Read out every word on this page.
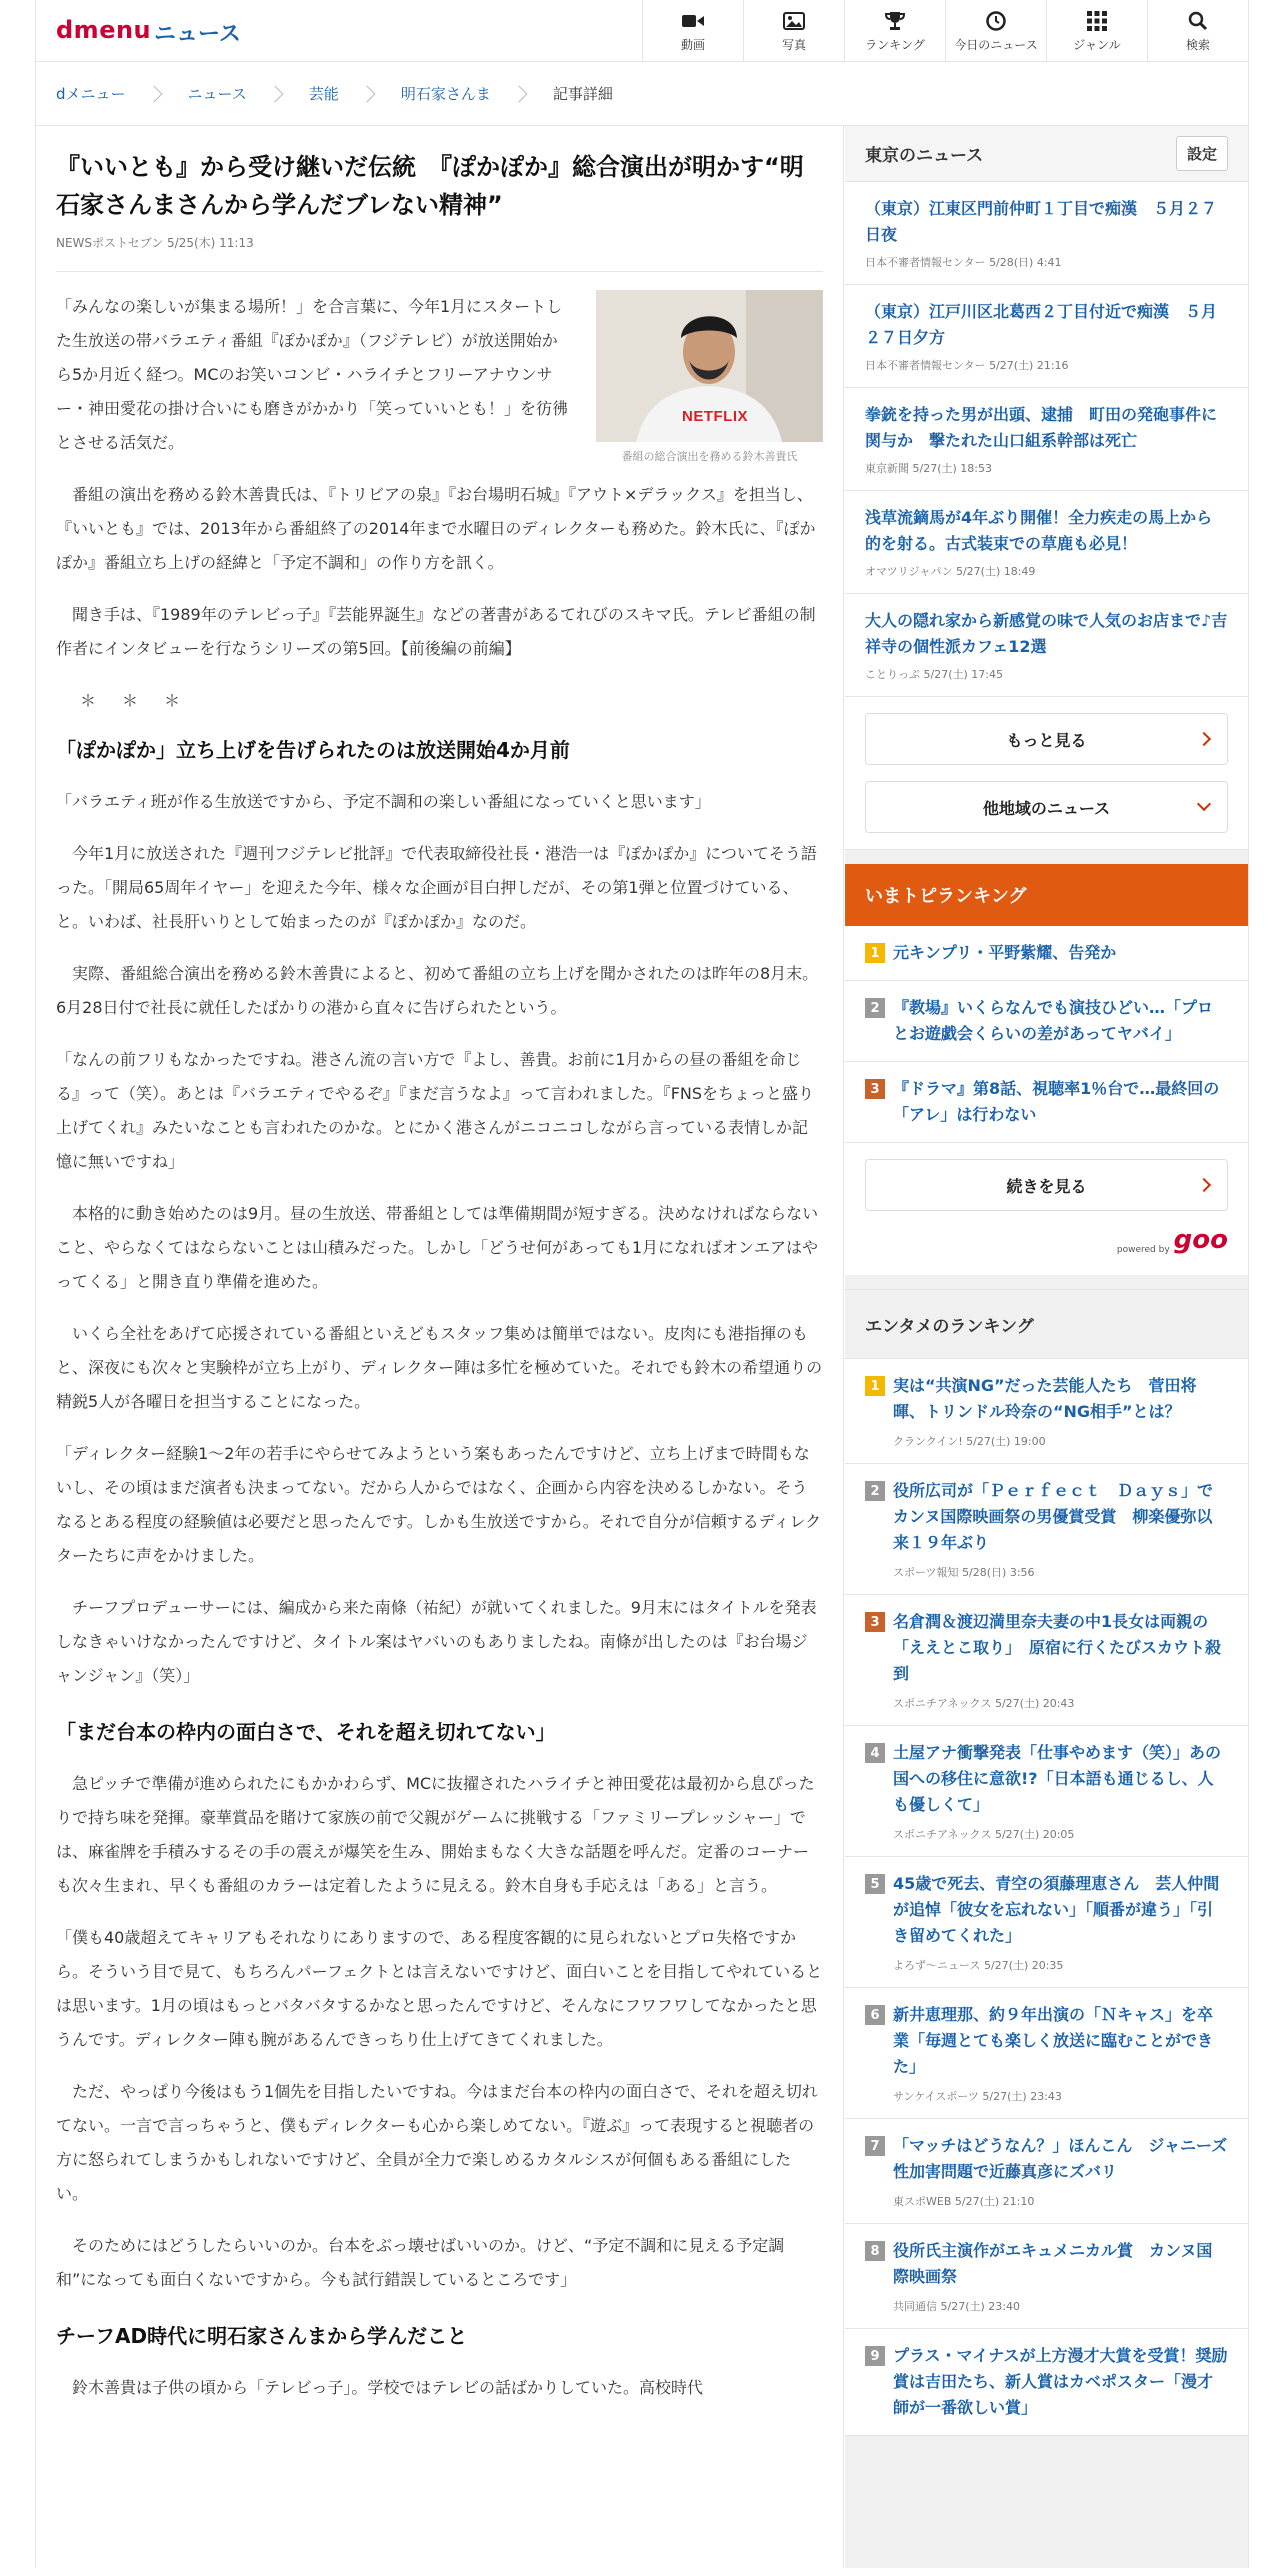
dmenu ニュース	動画	写真	ランキング 今日のニュース	ジャンル	検索
dメニュー	ニュース	芸能	明石家さんま	記事詳細
『いいとも』から受け継いだ伝統　『ぽかぽか』総合演出が明かす“明石家さんまさんから学んだブレない精神”
NEWSポストセブン 5/25(木) 11:13
NETFLIX
番組の総合演出を務める鈴木善貴氏

「みんなの楽しいが集まる場所！」を合言葉に、今年1月にスタートした生放送の帯バラエティ番組『ぽかぽか』（フジテレビ）が放送開始から5か月近く経つ。MCのお笑いコンビ・ハライチとフリーアナウンサー・神田愛花の掛け合いにも磨きがかかり「笑っていいとも！」を彷彿とさせる活気だ。

番組の演出を務める鈴木善貴氏は、『トリビアの泉』『お台場明石城』『アウト×デラックス』を担当し、『いいとも』では、2013年から番組終了の2014年まで水曜日のディレクターも務めた。鈴木氏に、『ぽかぽか』番組立ち上げの経緯と「予定不調和」の作り方を訊く。

聞き手は、『1989年のテレビっ子』『芸能界誕生』などの著書があるてれびのスキマ氏。テレビ番組の制作者にインタビューを行なうシリーズの第5回。【前後編の前編】

＊＊＊
「ぽかぽか」立ち上げを告げられたのは放送開始4か月前

「バラエティ班が作る生放送ですから、予定不調和の楽しい番組になっていくと思います」

今年1月に放送された『週刊フジテレビ批評』で代表取締役社長・港浩一は『ぽかぽか』についてそう語った。「開局65周年イヤー」を迎えた今年、様々な企画が目白押しだが、その第1弾と位置づけている、と。いわば、社長肝いりとして始まったのが『ぽかぽか』なのだ。

実際、番組総合演出を務める鈴木善貴によると、初めて番組の立ち上げを聞かされたのは昨年の8月末。6月28日付で社長に就任したばかりの港から直々に告げられたという。

「なんの前フリもなかったですね。港さん流の言い方で『よし、善貴。お前に1月からの昼の番組を命じる』って（笑）。あとは『バラエティでやるぞ』『まだ言うなよ』って言われました。『FNSをちょっと盛り上げてくれ』みたいなことも言われたのかな。とにかく港さんがニコニコしながら言っている表情しか記憶に無いですね」

本格的に動き始めたのは9月。昼の生放送、帯番組としては準備期間が短すぎる。決めなければならないこと、やらなくてはならないことは山積みだった。しかし「どうせ何があっても1月になればオンエアはやってくる」と開き直り準備を進めた。

いくら全社をあげて応援されている番組といえどもスタッフ集めは簡単ではない。皮肉にも港指揮のもと、深夜にも次々と実験枠が立ち上がり、ディレクター陣は多忙を極めていた。それでも鈴木の希望通りの精鋭5人が各曜日を担当することになった。

「ディレクター経験1〜2年の若手にやらせてみようという案もあったんですけど、立ち上げまで時間もないし、その頃はまだ演者も決まってない。だから人からではなく、企画から内容を決めるしかない。そうなるとある程度の経験値は必要だと思ったんです。しかも生放送ですから。それで自分が信頼するディレクターたちに声をかけました。

チーフプロデューサーには、編成から来た南條（祐紀）が就いてくれました。9月末にはタイトルを発表しなきゃいけなかったんですけど、タイトル案はヤバいのもありましたね。南條が出したのは『お台場ジャンジャン』（笑）」

「まだ台本の枠内の面白さで、それを超え切れてない」

急ピッチで準備が進められたにもかかわらず、MCに抜擢されたハライチと神田愛花は最初から息ぴったりで持ち味を発揮。豪華賞品を賭けて家族の前で父親がゲームに挑戦する「ファミリープレッシャー」では、麻雀牌を手積みするその手の震えが爆笑を生み、開始まもなく大きな話題を呼んだ。定番のコーナーも次々生まれ、早くも番組のカラーは定着したように見える。鈴木自身も手応えは「ある」と言う。

「僕も40歳超えてキャリアもそれなりにありますので、ある程度客観的に見られないとプロ失格ですから。そういう目で見て、もちろんパーフェクトとは言えないですけど、面白いことを目指してやれているとは思います。1月の頃はもっとバタバタするかなと思ったんですけど、そんなにフワフワしてなかったと思うんです。ディレクター陣も腕があるんできっちり仕上げてきてくれました。

ただ、やっぱり今後はもう1個先を目指したいですね。今はまだ台本の枠内の面白さで、それを超え切れてない。一言で言っちゃうと、僕もディレクターも心から楽しめてない。『遊ぶ』って表現すると視聴者の方に怒られてしまうかもしれないですけど、全員が全力で楽しめるカタルシスが何個もある番組にしたい。

そのためにはどうしたらいいのか。台本をぶっ壊せばいいのか。けど、“予定不調和に見える予定調和”になっても面白くないですから。今も試行錯誤しているところです」

チーフAD時代に明石家さんまから学んだこと

鈴木善貴は子供の頃から「テレビっ子」。学校ではテレビの話ばかりしていた。高校時代

東京のニュース	設定
（東京）江東区門前仲町１丁目で痴漢　５月２７日夜
日本不審者情報センター 5/28(日) 4:41
（東京）江戸川区北葛西２丁目付近で痴漢　５月２７日夕方
日本不審者情報センター 5/27(土) 21:16
拳銃を持った男が出頭、逮捕　町田の発砲事件に関与か　撃たれた山口組系幹部は死亡
東京新聞 5/27(土) 18:53
浅草流鏑馬が4年ぶり開催！全力疾走の馬上から的を射る。古式装束での草鹿も必見！
オマツリジャパン 5/27(土) 18:49
大人の隠れ家から新感覚の味で人気のお店まで♪吉祥寺の個性派カフェ12選
ことりっぷ 5/27(土) 17:45
もっと見る
他地域のニュース
いまトピランキング
1 元キンプリ・平野紫耀、告発か
2 『教場』いくらなんでも演技ひどい…「プロとお遊戯会くらいの差があってヤバイ」
3 『ドラマ』第8話、視聴率1％台で…最終回の「アレ」は行わない
続きを見る
powered by goo
エンタメのランキング
1 実は“共演NG”だった芸能人たち　菅田将暉、トリンドル玲奈の“NG相手”とは？
クランクイン! 5/27(土) 19:00
2 役所広司が「Ｐｅｒｆｅｃｔ　Ｄａｙｓ」でカンヌ国際映画祭の男優賞受賞　柳楽優弥以来１９年ぶり
スポーツ報知 5/28(日) 3:56
3 名倉潤＆渡辺満里奈夫妻の中1長女は両親の「ええとこ取り」　原宿に行くたびスカウト殺到
スポニチアネックス 5/27(土) 20:43
4 土屋アナ衝撃発表「仕事やめます（笑）」あの国への移住に意欲!?「日本語も通じるし、人も優しくて」
スポニチアネックス 5/27(土) 20:05
5 45歳で死去、青空の須藤理恵さん　芸人仲間が追悼「彼女を忘れない」「順番が違う」「引き留めてくれた」
よろず～ニュース 5/27(土) 20:35
6 新井恵理那、約９年出演の「Ｎキャス」を卒業「毎週とても楽しく放送に臨むことができた」
サンケイスポーツ 5/27(土) 23:43
7 「マッチはどうなん？」ほんこん　ジャニーズ性加害問題で近藤真彦にズバリ
東スポWEB 5/27(土) 21:10
8 役所氏主演作がエキュメニカル賞　カンヌ国際映画祭
共同通信 5/27(土) 23:40
9 プラス・マイナスが上方漫才大賞を受賞！奨励賞は吉田たち、新人賞はカベポスター「漫才師が一番欲しい賞」
